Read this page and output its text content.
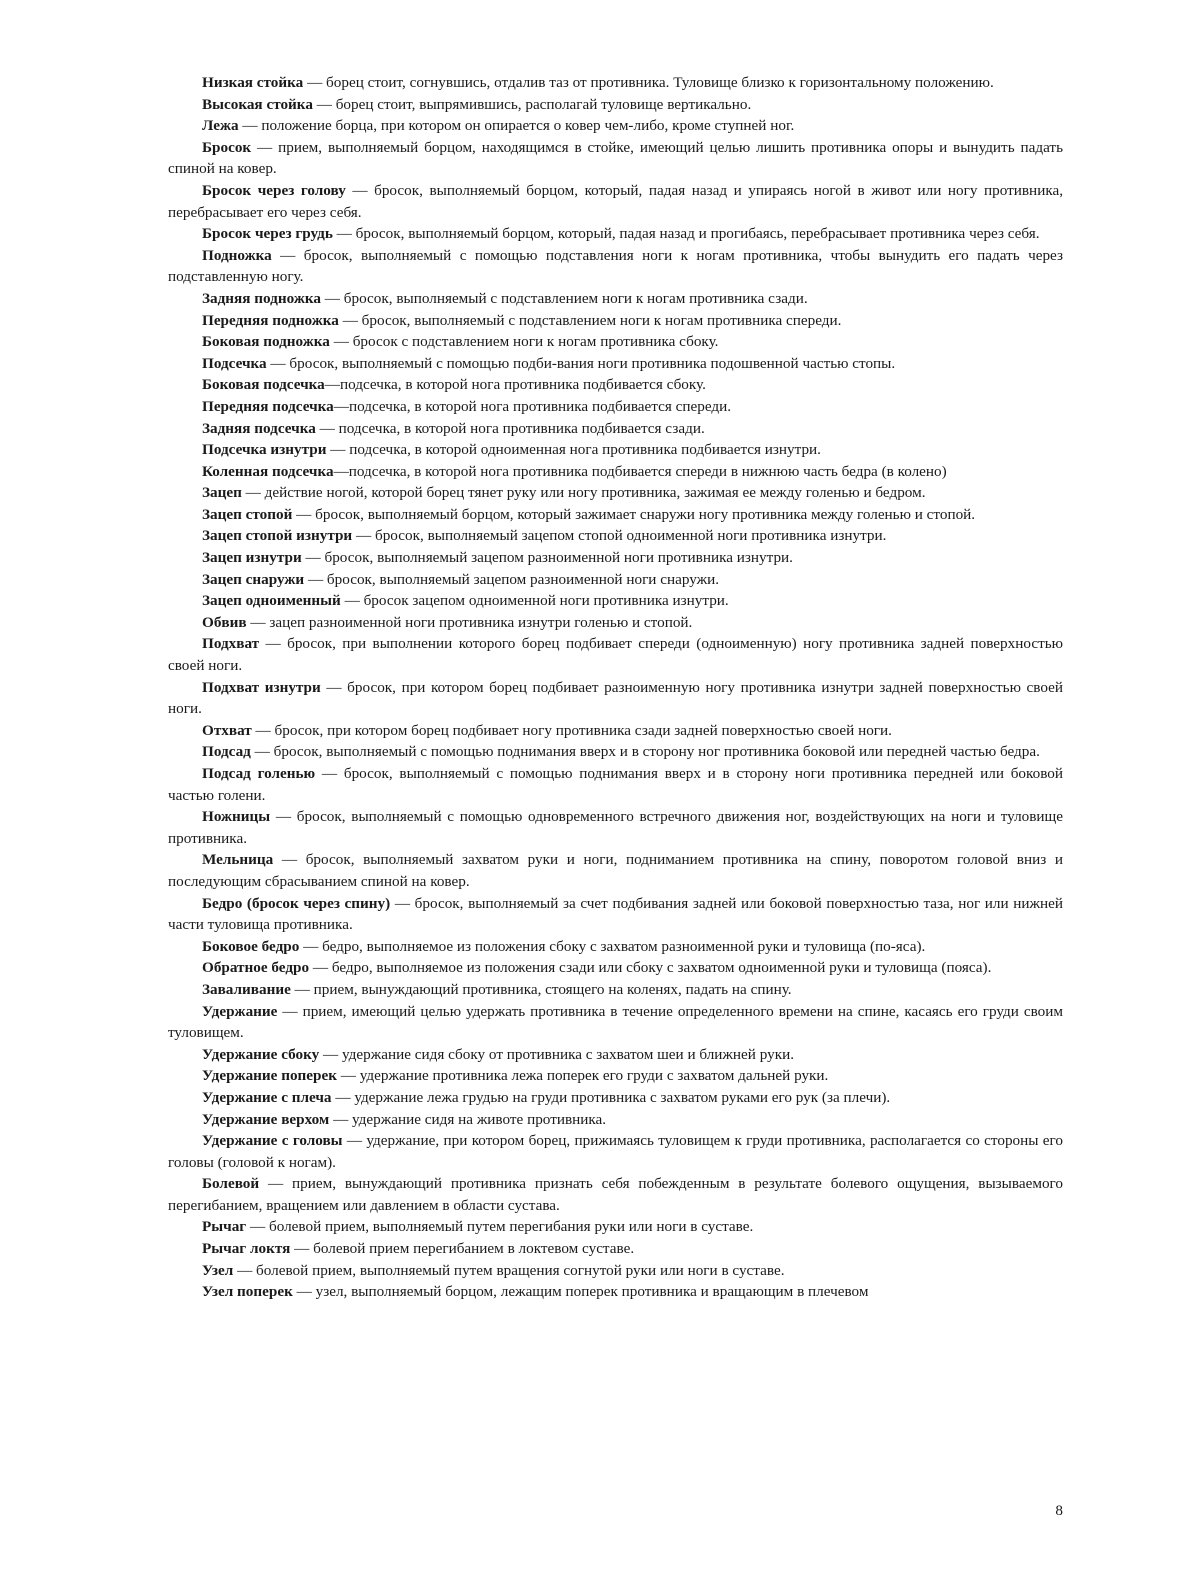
Низкая стойка — борец стоит, согнувшись, отдалив таз от противника. Туловище близко к горизонтальному положению.

Высокая стойка — борец стоит, выпрямившись, располагай туловище вертикально.

Лежа — положение борца, при котором он опирается о ковер чем-либо, кроме ступней ног.

Бросок — прием, выполняемый борцом, находящимся в стойке, имеющий целью лишить противника опоры и вынудить падать спиной на ковер.

Бросок через голову — бросок, выполняемый борцом, который, падая назад и упираясь ногой в живот или ногу противника, перебрасывает его через себя.

Бросок через грудь — бросок, выполняемый борцом, который, падая назад и прогибаясь, перебрасывает противника через себя.

Подножка — бросок, выполняемый с помощью подставления ноги к ногам противника, чтобы вынудить его падать через подставленную ногу.

Задняя подножка — бросок, выполняемый с подставлением ноги к ногам противника сзади.

Передняя подножка — бросок, выполняемый с подставлением ноги к ногам противника спереди.

Боковая подножка — бросок с подставлением ноги к ногам противника сбоку.

Подсечка — бросок, выполняемый с помощью подби-вания ноги противника подошвенной частью стопы.

Боковая подсечка—подсечка, в которой нога противника подбивается сбоку.

Передняя подсечка—подсечка, в которой нога противника подбивается спереди.

Задняя подсечка — подсечка, в которой нога противника подбивается сзади.

Подсечка изнутри — подсечка, в которой одноименная нога противника подбивается изнутри.

Коленная подсечка—подсечка, в которой нога противника подбивается спереди в нижнюю часть бедра (в колено)

Зацеп — действие ногой, которой борец тянет руку или ногу противника, зажимая ее между голенью и бедром.

Зацеп стопой — бросок, выполняемый борцом, который зажимает снаружи ногу противника между голенью и стопой.

Зацеп стопой изнутри — бросок, выполняемый зацепом стопой одноименной ноги противника изнутри.

Зацеп изнутри — бросок, выполняемый зацепом разноименной ноги противника изнутри.

Зацеп снаружи — бросок, выполняемый зацепом разноименной ноги снаружи.

Зацеп одноименный — бросок зацепом одноименной ноги противника изнутри.

Обвив — зацеп разноименной ноги противника изнутри голенью и стопой.

Подхват — бросок, при выполнении которого борец подбивает спереди (одноименную) ногу противника задней поверхностью своей ноги.

Подхват изнутри — бросок, при котором борец подбивает разноименную ногу противника изнутри задней поверхностью своей ноги.

Отхват — бросок, при котором борец подбивает ногу противника сзади задней поверхностью своей ноги.

Подсад — бросок, выполняемый с помощью поднимания вверх и в сторону ног противника боковой или передней частью бедра.

Подсад голенью — бросок, выполняемый с помощью поднимания вверх и в сторону ноги противника передней или боковой частью голени.

Ножницы — бросок, выполняемый с помощью одновременного встречного движения ног, воздействующих на ноги и туловище противника.

Мельница — бросок, выполняемый захватом руки и ноги, подниманием противника на спину, поворотом головой вниз и последующим сбрасыванием спиной на ковер.

Бедро (бросок через спину) — бросок, выполняемый за счет подбивания задней или боковой поверхностью таза, ног или нижней части туловища противника.

Боковое бедро — бедро, выполняемое из положения сбоку с захватом разноименной руки и туловища (по-яса).

Обратное бедро — бедро, выполняемое из положения сзади или сбоку с захватом одноименной руки и туловища (пояса).

Заваливание — прием, вынуждающий противника, стоящего на коленях, падать на спину.

Удержание — прием, имеющий целью удержать противника в течение определенного времени на спине, касаясь его груди своим туловищем.

Удержание сбоку — удержание сидя сбоку от противника с захватом шеи и ближней руки.

Удержание поперек — удержание противника лежа поперек его груди с захватом дальней руки.

Удержание с плеча — удержание лежа грудью на груди противника с захватом руками его рук (за плечи).

Удержание верхом — удержание сидя на животе противника.

Удержание с головы — удержание, при котором борец, прижимаясь туловищем к груди противника, располагается со стороны его головы (головой к ногам).

Болевой — прием, вынуждающий противника признать себя побежденным в результате болевого ощущения, вызываемого перегибанием, вращением или давлением в области сустава.

Рычаг — болевой прием, выполняемый путем перегибания руки или ноги в суставе.

Рычаг локтя — болевой прием перегибанием в локтевом суставе.

Узел — болевой прием, выполняемый путем вращения согнутой руки или ноги в суставе.

Узел поперек — узел, выполняемый борцом, лежащим поперек противника и вращающим в плечевом

8
